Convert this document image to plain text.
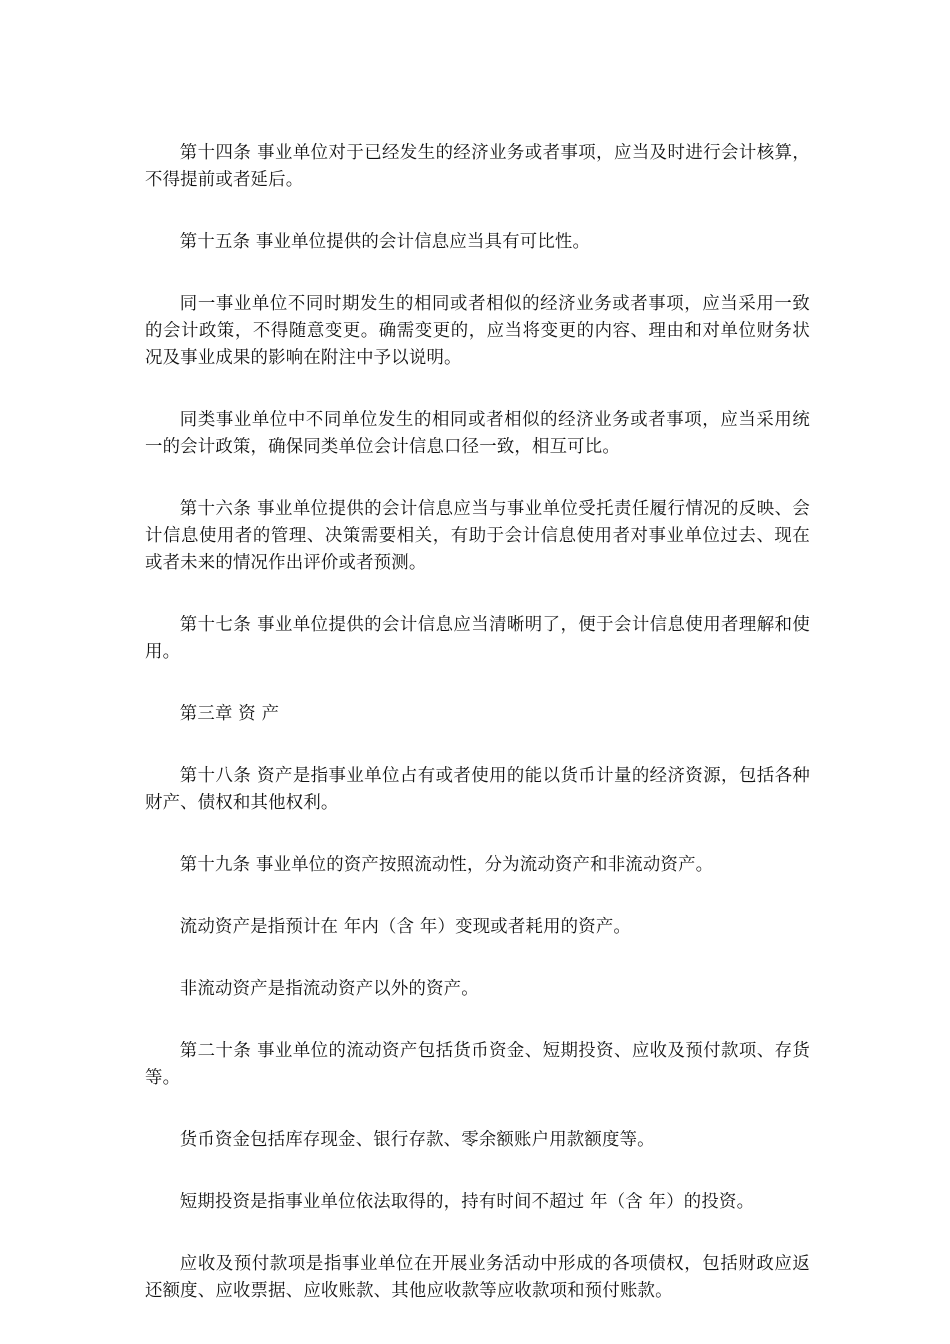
第十四条 事业单位对于已经发生的经济业务或者事项，应当及时进行会计核算，不得提前或者延后。

第十五条 事业单位提供的会计信息应当具有可比性。

同一事业单位不同时期发生的相同或者相似的经济业务或者事项，应当采用一致的会计政策，不得随意变更。确需变更的，应当将变更的内容、理由和对单位财务状况及事业成果的影响在附注中予以说明。

同类事业单位中不同单位发生的相同或者相似的经济业务或者事项，应当采用统一的会计政策，确保同类单位会计信息口径一致，相互可比。

第十六条 事业单位提供的会计信息应当与事业单位受托责任履行情况的反映、会计信息使用者的管理、决策需要相关，有助于会计信息使用者对事业单位过去、现在或者未来的情况作出评价或者预测。

第十七条 事业单位提供的会计信息应当清晰明了，便于会计信息使用者理解和使用。

第三章 资 产

第十八条 资产是指事业单位占有或者使用的能以货币计量的经济资源，包括各种财产、债权和其他权利。

第十九条 事业单位的资产按照流动性，分为流动资产和非流动资产。

流动资产是指预计在 年内（含 年）变现或者耗用的资产。

非流动资产是指流动资产以外的资产。

第二十条 事业单位的流动资产包括货币资金、短期投资、应收及预付款项、存货等。

货币资金包括库存现金、银行存款、零余额账户用款额度等。

短期投资是指事业单位依法取得的，持有时间不超过 年（含 年）的投资。

应收及预付款项是指事业单位在开展业务活动中形成的各项债权，包括财政应返还额度、应收票据、应收账款、其他应收款等应收款项和预付账款。
